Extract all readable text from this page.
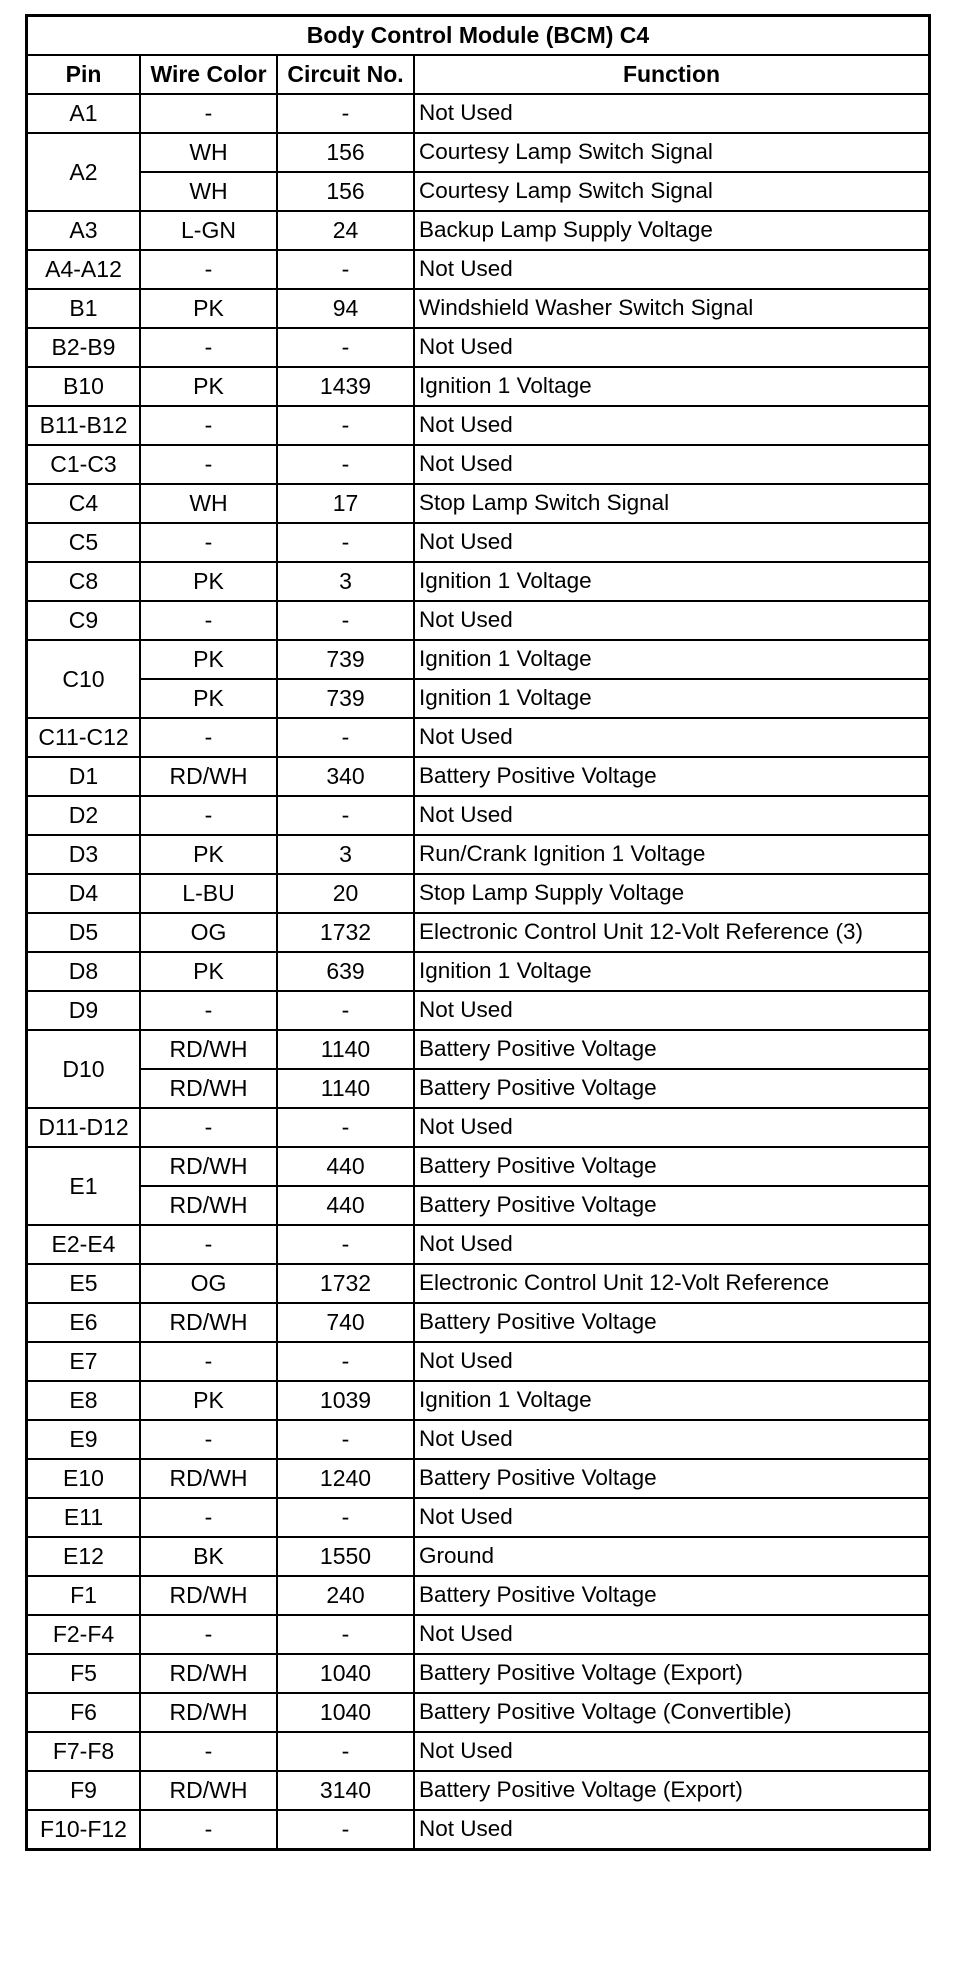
Body Control Module (BCM) C4			
Pin	Wire Color	Circuit No.	Function
A1	-	-	Not Used
A2	WH	156	Courtesy Lamp Switch Signal
	WH	156	Courtesy Lamp Switch Signal
A3	L-GN	24	Backup Lamp Supply Voltage
A4-A12	-	-	Not Used
B1	PK	94	Windshield Washer Switch Signal
B2-B9	-	-	Not Used
B10	PK	1439	Ignition 1 Voltage
B11-B12	-	-	Not Used
C1-C3	-	-	Not Used
C4	WH	17	Stop Lamp Switch Signal
C5	-	-	Not Used
C8	PK	3	Ignition 1 Voltage
C9	-	-	Not Used
C10	PK	739	Ignition 1 Voltage
	PK	739	Ignition 1 Voltage
C11-C12	-	-	Not Used
D1	RD/WH	340	Battery Positive Voltage
D2	-	-	Not Used
D3	PK	3	Run/Crank Ignition 1 Voltage
D4	L-BU	20	Stop Lamp Supply Voltage
D5	OG	1732	Electronic Control Unit 12-Volt Reference (3)
D8	PK	639	Ignition 1 Voltage
D9	-	-	Not Used
D10	RD/WH	1140	Battery Positive Voltage
	RD/WH	1140	Battery Positive Voltage
D11-D12	-	-	Not Used
E1	RD/WH	440	Battery Positive Voltage
	RD/WH	440	Battery Positive Voltage
E2-E4	-	-	Not Used
E5	OG	1732	Electronic Control Unit 12-Volt Reference
E6	RD/WH	740	Battery Positive Voltage
E7	-	-	Not Used
E8	PK	1039	Ignition 1 Voltage
E9	-	-	Not Used
E10	RD/WH	1240	Battery Positive Voltage
E11	-	-	Not Used
E12	BK	1550	Ground
F1	RD/WH	240	Battery Positive Voltage
F2-F4	-	-	Not Used
F5	RD/WH	1040	Battery Positive Voltage (Export)
F6	RD/WH	1040	Battery Positive Voltage (Convertible)
F7-F8	-	-	Not Used
F9	RD/WH	3140	Battery Positive Voltage (Export)
F10-F12	-	-	Not Used
